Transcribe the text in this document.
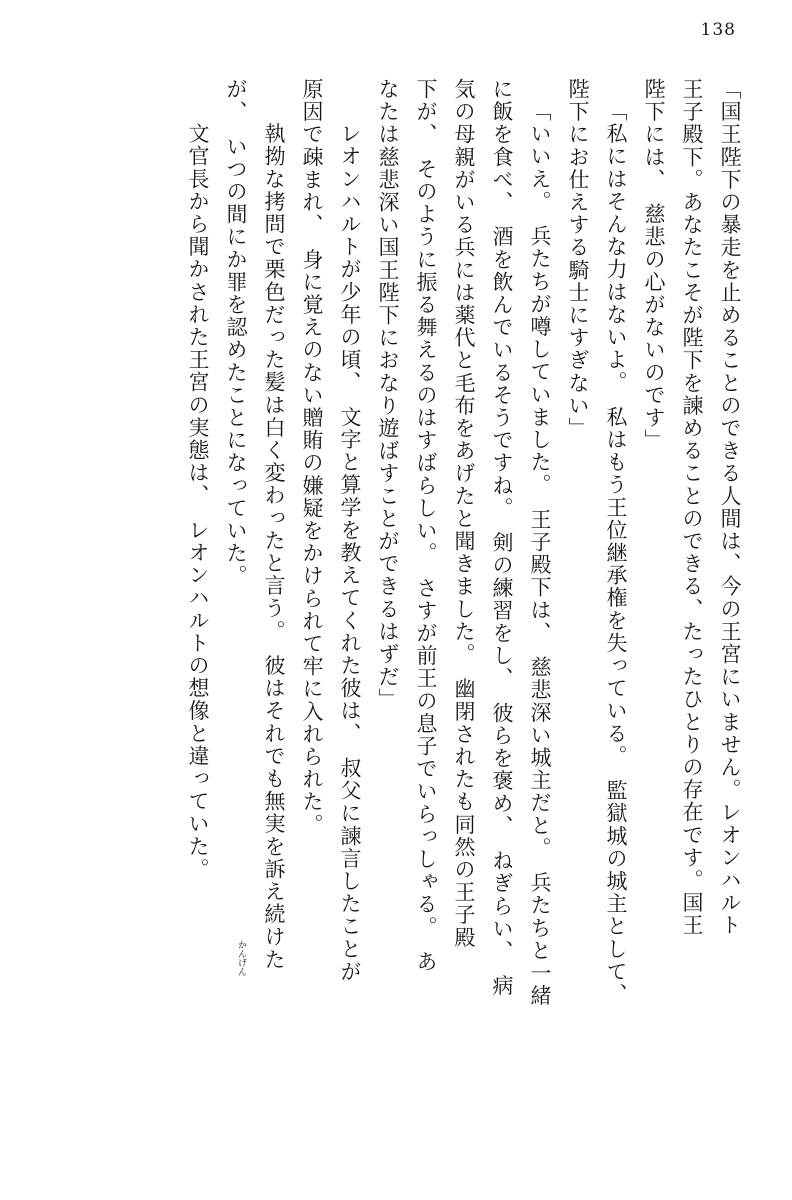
138
「国王陛下の暴走を止めることのできる人間は、今の王宮にいません。レオンハルト
王子殿下。あなたこそが陛下を諫めることのできる、たったひとりの存在です。国王
陛下には、　慈悲の心がないのです」
「私にはそんな力はないよ。　私はもう王位継承権を失っている。　監獄城の城主として、
陛下にお仕えする騎士にすぎない」
「いいえ。　兵たちが噂していました。　王子殿下は、　慈悲深い城主だと。　兵たちと一緒
に飯を食べ、　酒を飲んでいるそうですね。　剣の練習をし、　彼らを褒め、　ねぎらい、　病
気の母親がいる兵には薬代と毛布をあげたと聞きました。　幽閉されたも同然の王子殿
下が、　そのように振る舞えるのはすばらしい。　さすが前王の息子でいらっしゃる。　あ
なたは慈悲深い国王陛下におなり遊ばすことができるはずだ」
　レオンハルトが少年の頃、　文字と算学を教えてくれた彼は、　叔父に諫言したことが
原因で疎まれ、　身に覚えのない贈賄の嫌疑をかけられて牢に入れられた。
　執拗な拷問で栗色だった髪は白く変わったと言う。　彼はそれでも無実を訴え続けた
が、　いつの間にか罪を認めたことになっていた。
　文官長から聞かされた王宮の実態は、　レオンハルトの想像と違っていた。
かんげん
